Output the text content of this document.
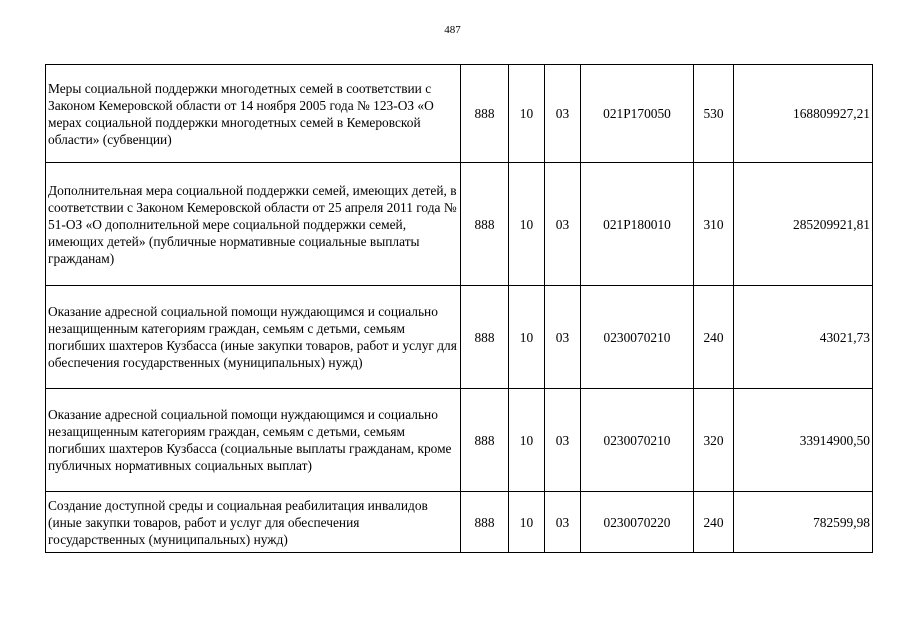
487
Меры социальной поддержки многодетных семей в соответствии с Законом Кемеровской области от 14 ноября 2005 года № 123-ОЗ «О мерах социальной поддержки многодетных семей в Кемеровской области» (субвенции)	888	10	03	021P170050	530	168809927,21
Дополнительная мера социальной поддержки семей, имеющих детей, в соответствии с Законом Кемеровской области от 25 апреля 2011 года № 51-ОЗ «О дополнительной мере социальной поддержки семей, имеющих детей» (публичные нормативные социальные выплаты гражданам)	888	10	03	021P180010	310	285209921,81
Оказание адресной социальной помощи нуждающимся и социально незащищенным категориям граждан, семьям с детьми, семьям погибших шахтеров Кузбасса (иные закупки товаров, работ и услуг для обеспечения государственных (муниципальных) нужд)	888	10	03	0230070210	240	43021,73
Оказание адресной социальной помощи нуждающимся и социально незащищенным категориям граждан, семьям с детьми, семьям погибших шахтеров Кузбасса (социальные выплаты гражданам, кроме публичных нормативных социальных выплат)	888	10	03	0230070210	320	33914900,50
Создание доступной среды и социальная реабилитация инвалидов (иные закупки товаров, работ и услуг для обеспечения государственных (муниципальных) нужд)	888	10	03	0230070220	240	782599,98
